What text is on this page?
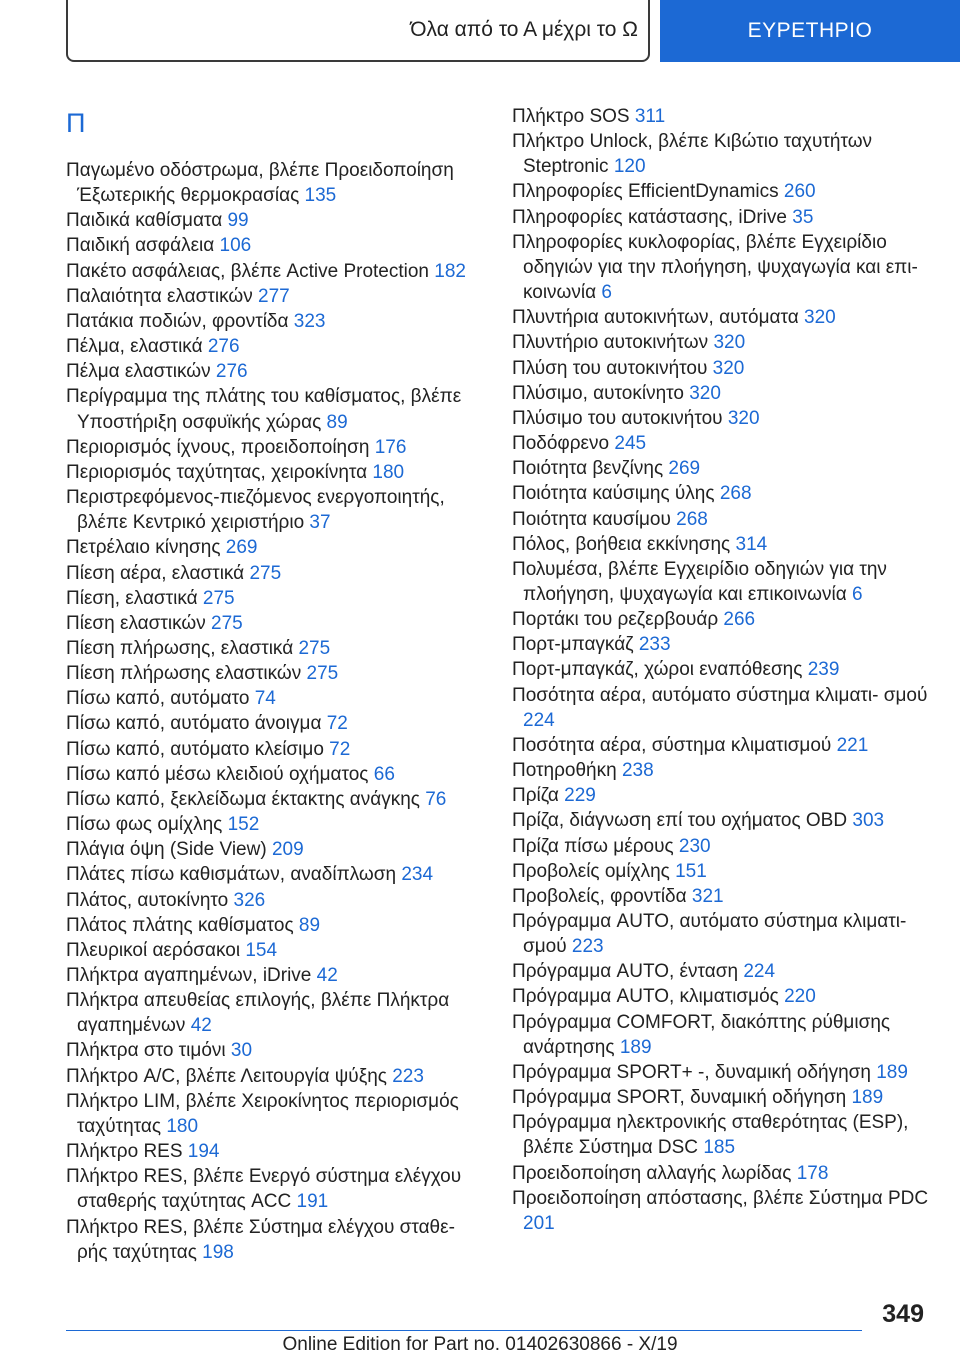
Όλα από το Α μέχρι το Ω	ΕΥΡΕΤΗΡΙΟ
Π
Παγωμένο οδόστρωμα, βλέπε Προειδοποίηση Έξωτερικής θερμοκρασίας 135
Παιδικά καθίσματα 99
Παιδική ασφάλεια 106
Πακέτο ασφάλειας, βλέπε Active Protection 182
Παλαιότητα ελαστικών 277
Πατάκια ποδιών, φροντίδα 323
Πέλμα, ελαστικά 276
Πέλμα ελαστικών 276
Περίγραμμα της πλάτης του καθίσματος, βλέπε Υποστήριξη οσφυϊκής χώρας 89
Περιορισμός ίχνους, προειδοποίηση 176
Περιορισμός ταχύτητας, χειροκίνητα 180
Περιστρεφόμενος-πιεζόμενος ενεργοποιητής, βλέπε Κεντρικό χειριστήριο 37
Πετρέλαιο κίνησης 269
Πίεση αέρα, ελαστικά 275
Πίεση, ελαστικά 275
Πίεση ελαστικών 275
Πίεση πλήρωσης, ελαστικά 275
Πίεση πλήρωσης ελαστικών 275
Πίσω καπό, αυτόματο 74
Πίσω καπό, αυτόματο άνοιγμα 72
Πίσω καπό, αυτόματο κλείσιμο 72
Πίσω καπό μέσω κλειδιού οχήματος 66
Πίσω καπό, ξεκλείδωμα έκτακτης ανάγκης 76
Πίσω φως ομίχλης 152
Πλάγια όψη (Side View) 209
Πλάτες πίσω καθισμάτων, αναδίπλωση 234
Πλάτος, αυτοκίνητο 326
Πλάτος πλάτης καθίσματος 89
Πλευρικοί αερόσακοι 154
Πλήκτρα αγαπημένων, iDrive 42
Πλήκτρα απευθείας επιλογής, βλέπε Πλήκτρα αγαπημένων 42
Πλήκτρα στο τιμόνι 30
Πλήκτρο A/C, βλέπε Λειτουργία ψύξης 223
Πλήκτρο LIM, βλέπε Χειροκίνητος περιορισμός ταχύτητας 180
Πλήκτρο RES 194
Πλήκτρο RES, βλέπε Ενεργό σύστημα ελέγχου σταθερής ταχύτητας ACC 191
Πλήκτρο RES, βλέπε Σύστημα ελέγχου σταθε‐ ρής ταχύτητας 198
Πλήκτρο SOS 311
Πλήκτρο Unlock, βλέπε Κιβώτιο ταχυτήτων Steptronic 120
Πληροφορίες EfficientDynamics 260
Πληροφορίες κατάστασης, iDrive 35
Πληροφορίες κυκλοφορίας, βλέπε Εγχειρίδιο οδηγιών για την πλοήγηση, ψυχαγωγία και επι‐ κοινωνία 6
Πλυντήρια αυτοκινήτων, αυτόματα 320
Πλυντήριο αυτοκινήτων 320
Πλύση του αυτοκινήτου 320
Πλύσιμο, αυτοκίνητο 320
Πλύσιμο του αυτοκινήτου 320
Ποδόφρενο 245
Ποιότητα βενζίνης 269
Ποιότητα καύσιμης ύλης 268
Ποιότητα καυσίμου 268
Πόλος, βοήθεια εκκίνησης 314
Πολυμέσα, βλέπε Εγχειρίδιο οδηγιών για την πλοήγηση, ψυχαγωγία και επικοινωνία 6
Πορτάκι του ρεζερβουάρ 266
Πορτ-μπαγκάζ 233
Πορτ-μπαγκάζ, χώροι εναπόθεσης 239
Ποσότητα αέρα, αυτόματο σύστημα κλιματι‐ σμού 224
Ποσότητα αέρα, σύστημα κλιματισμού 221
Ποτηροθήκη 238
Πρίζα 229
Πρίζα, διάγνωση επί του οχήματος OBD 303
Πρίζα πίσω μέρους 230
Προβολείς ομίχλης 151
Προβολείς, φροντίδα 321
Πρόγραμμα AUTO, αυτόματο σύστημα κλιματι‐ σμού 223
Πρόγραμμα AUTO, ένταση 224
Πρόγραμμα AUTO, κλιματισμός 220
Πρόγραμμα COMFORT, διακόπτης ρύθμισης ανάρτησης 189
Πρόγραμμα SPORT+ -, δυναμική οδήγηση 189
Πρόγραμμα SPORT, δυναμική οδήγηση 189
Πρόγραμμα ηλεκτρονικής σταθερότητας (ESP), βλέπε Σύστημα DSC 185
Προειδοποίηση αλλαγής λωρίδας 178
Προειδοποίηση απόστασης, βλέπε Σύστημα PDC 201
349
Online Edition for Part no. 01402630866 - X/19
